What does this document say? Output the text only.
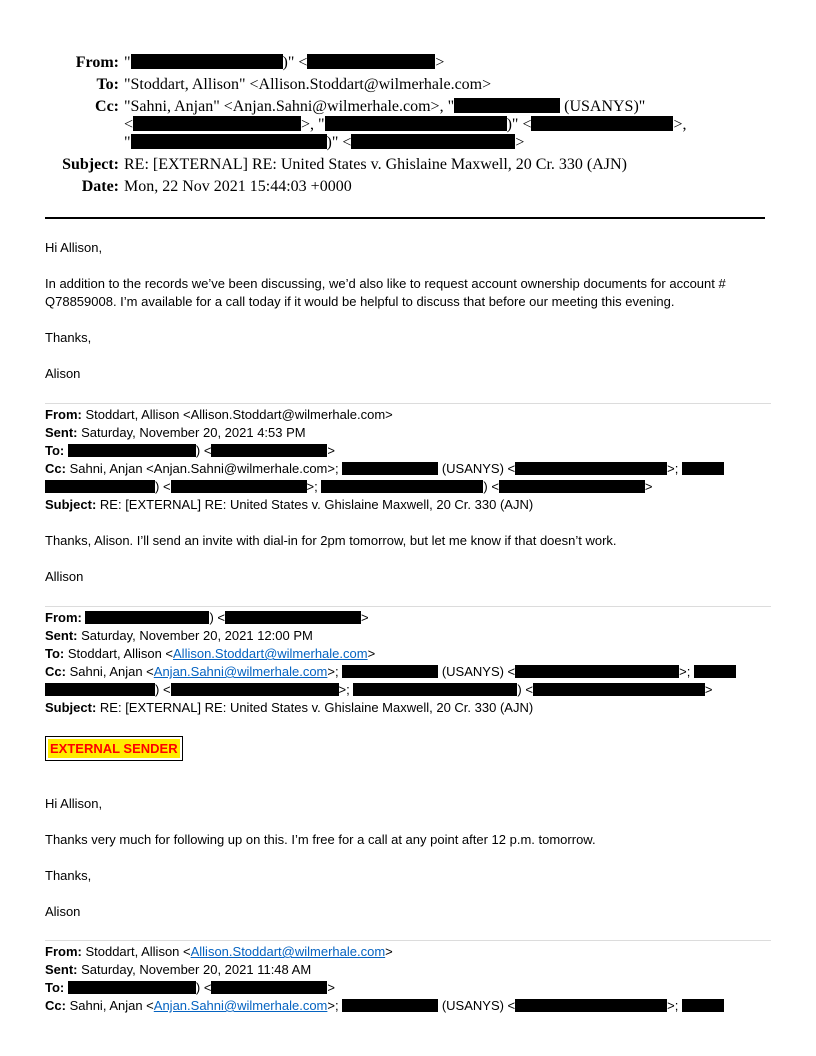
From: "	)" <	>
To: "Stoddart, Allison" <Allison.Stoddart@wilmerhale.com>
Cc: "Sahni, Anjan" <Anjan.Sahni@wilmerhale.com>, "	(USANYS)"
<	>, "	)" <	>,
"	)" <	>
Subject: RE: [EXTERNAL] RE: United States v. Ghislaine Maxwell, 20 Cr. 330 (AJN)
Date: Mon, 22 Nov 2021 15:44:03 +0000
Hi Allison,
In addition to the records we’ve been discussing, we’d also like to request account ownership documents for account #
Q78859008. I’m available for a call today if it would be helpful to discuss that before our meeting this evening.
Thanks,
Alison
From: Stoddart, Allison <Allison.Stoddart@wilmerhale.com>
Sent: Saturday, November 20, 2021 4:53 PM
To:	) <	>
Cc: Sahni, Anjan <Anjan.Sahni@wilmerhale.com>;	(USANYS) <	>;
) <	>;	) <	>
Subject: RE: [EXTERNAL] RE: United States v. Ghislaine Maxwell, 20 Cr. 330 (AJN)
Thanks, Alison. I’ll send an invite with dial-in for 2pm tomorrow, but let me know if that doesn’t work.
Allison
From:	) <	>
Sent: Saturday, November 20, 2021 12:00 PM
To: Stoddart, Allison <Allison.Stoddart@wilmerhale.com>
Cc: Sahni, Anjan <Anjan.Sahni@wilmerhale.com>;	(USANYS) <	>;
) <	>;	) <	>
Subject: RE: [EXTERNAL] RE: United States v. Ghislaine Maxwell, 20 Cr. 330 (AJN)
EXTERNAL SENDER
Hi Allison,
Thanks very much for following up on this. I’m free for a call at any point after 12 p.m. tomorrow.
Thanks,
Alison
From: Stoddart, Allison <Allison.Stoddart@wilmerhale.com>
Sent: Saturday, November 20, 2021 11:48 AM
To:	) <	>
Cc: Sahni, Anjan <Anjan.Sahni@wilmerhale.com>;	(USANYS) <	>;
